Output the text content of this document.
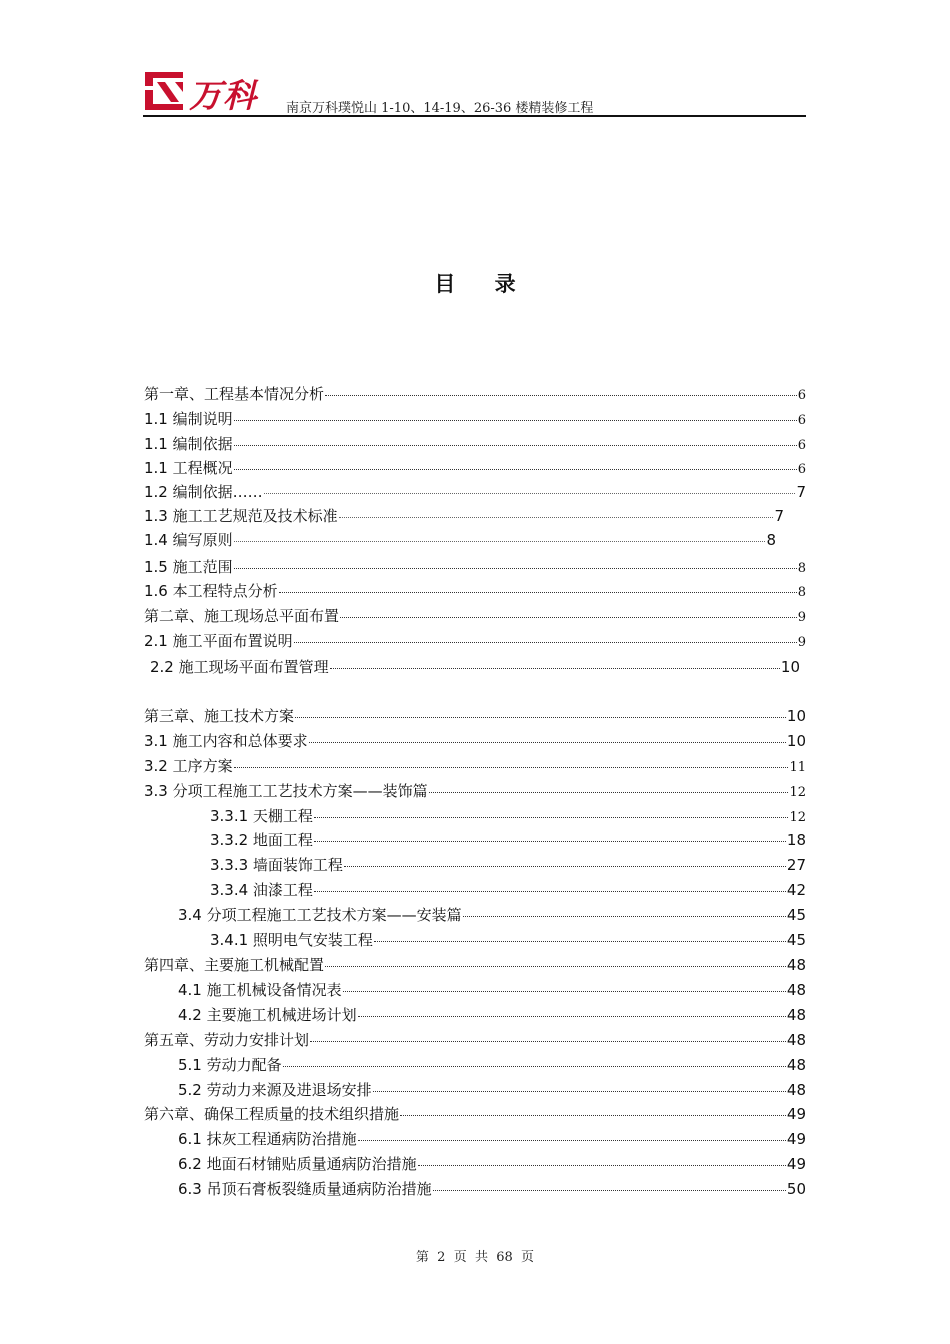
万科 南京万科璞悦山 1-10、14-19、26-36 楼精装修工程
目 录
第一章、工程基本情况分析	6
1.1 编制说明	6
1.1 编制依据	6
1.1 工程概况	6
1.2 编制依据……	7
1.3 施工工艺规范及技术标准	7
1.4 编写原则	8
1.5 施工范围	8
1.6 本工程特点分析	8
第二章、施工现场总平面布置	9
2.1 施工平面布置说明	9
2.2 施工现场平面布置管理	10
第三章、施工技术方案	10
3.1 施工内容和总体要求	10
3.2 工序方案	11
3.3 分项工程施工工艺技术方案——装饰篇	12
3.3.1 天棚工程	12
3.3.2 地面工程	18
3.3.3 墙面装饰工程	27
3.3.4 油漆工程	42
3.4 分项工程施工工艺技术方案——安装篇	45
3.4.1 照明电气安装工程	45
第四章、主要施工机械配置	48
4.1 施工机械设备情况表	48
4.2 主要施工机械进场计划	48
第五章、劳动力安排计划	48
5.1 劳动力配备	48
5.2 劳动力来源及进退场安排	48
第六章、确保工程质量的技术组织措施	49
6.1 抹灰工程通病防治措施	49
6.2 地面石材铺贴质量通病防治措施	49
6.3 吊顶石膏板裂缝质量通病防治措施	50
第  2  页  共  68  页
